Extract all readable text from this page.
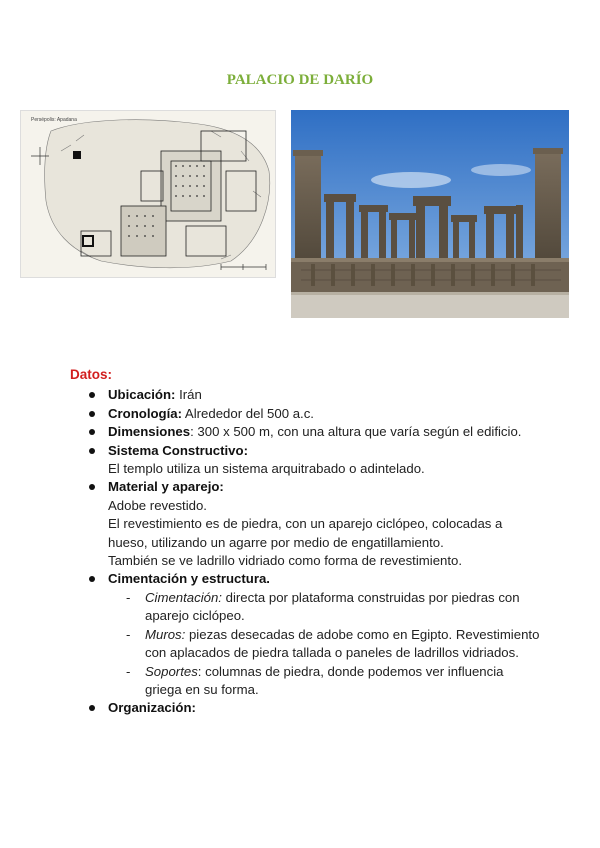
PALACIO DE DARÍO
Persépolis: Apadana
Datos:
Ubicación: Irán
Cronología: Alrededor del 500 a.c.
Dimensiones: 300 x 500 m, con una altura que varía según el edificio.
Sistema Constructivo:
El templo utiliza un sistema arquitrabado o adintelado.
Material y aparejo:
Adobe revestido.
El revestimiento es de piedra, con un aparejo ciclópeo, colocadas a hueso, utilizando un agarre por medio de engatillamiento.
También se ve ladrillo vidriado como forma de revestimiento.
Cimentación y estructura.
- Cimentación: directa por plataforma construidas por piedras con aparejo ciclópeo.
- Muros: piezas desecadas de adobe como en Egipto. Revestimiento con aplacados de piedra tallada o paneles de ladrillos vidriados.
- Soportes: columnas de piedra, donde podemos ver influencia griega en su forma.
Organización:
